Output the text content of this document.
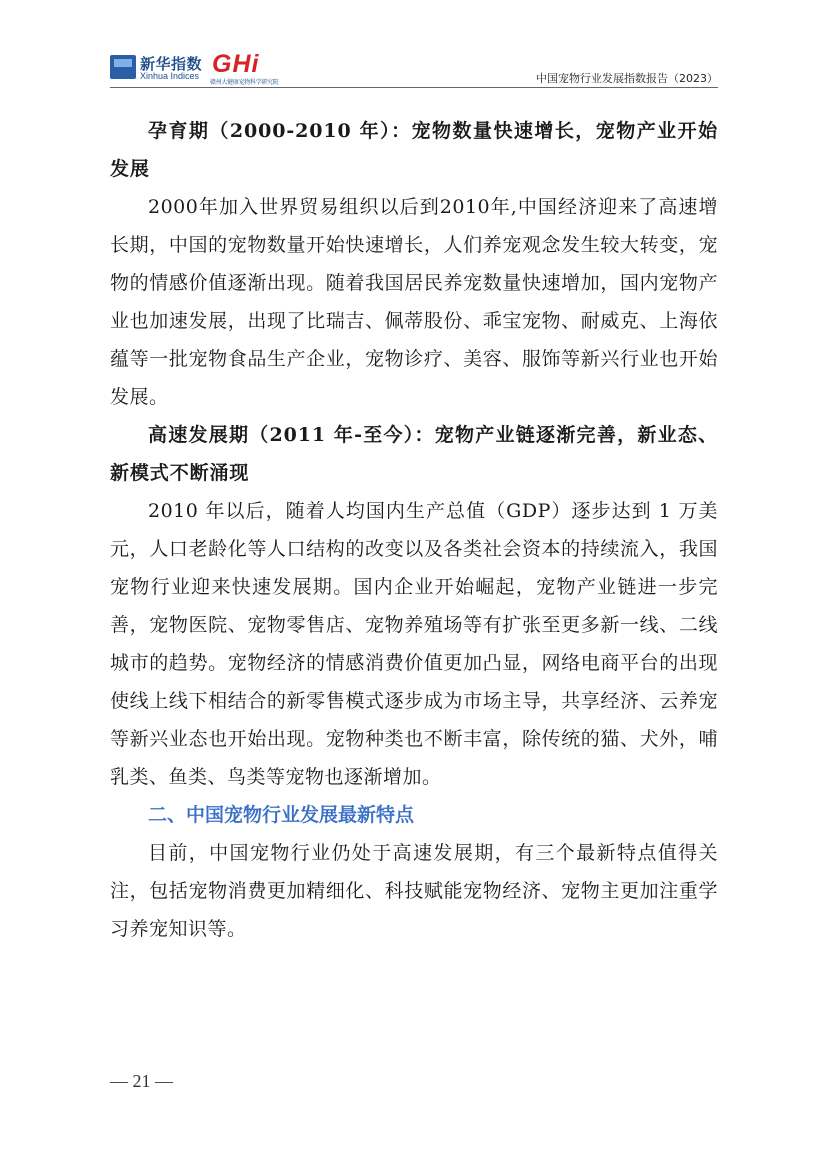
新华指数
Xinhua Indices GHi
赣州大健康宠物科学研究院	中国宠物行业发展指数报告（2023）

孕育期（2000-2010 年）：宠物数量快速增长，宠物产业开始发展

2000年加入世界贸易组织以后到2010年,中国经济迎来了高速增长期，中国的宠物数量开始快速增长，人们养宠观念发生较大转变，宠物的情感价值逐渐出现。随着我国居民养宠数量快速增加，国内宠物产业也加速发展，出现了比瑞吉、佩蒂股份、乖宝宠物、耐威克、上海依蕴等一批宠物食品生产企业，宠物诊疗、美容、服饰等新兴行业也开始发展。

高速发展期（2011 年-至今）：宠物产业链逐渐完善，新业态、新模式不断涌现

2010 年以后，随着人均国内生产总值（GDP）逐步达到 1 万美元，人口老龄化等人口结构的改变以及各类社会资本的持续流入，我国宠物行业迎来快速发展期。国内企业开始崛起，宠物产业链进一步完善，宠物医院、宠物零售店、宠物养殖场等有扩张至更多新一线、二线城市的趋势。宠物经济的情感消费价值更加凸显，网络电商平台的出现使线上线下相结合的新零售模式逐步成为市场主导，共享经济、云养宠等新兴业态也开始出现。宠物种类也不断丰富，除传统的猫、犬外，哺乳类、鱼类、鸟类等宠物也逐渐增加。

二、中国宠物行业发展最新特点

目前，中国宠物行业仍处于高速发展期，有三个最新特点值得关注，包括宠物消费更加精细化、科技赋能宠物经济、宠物主更加注重学习养宠知识等。

— 21 —
